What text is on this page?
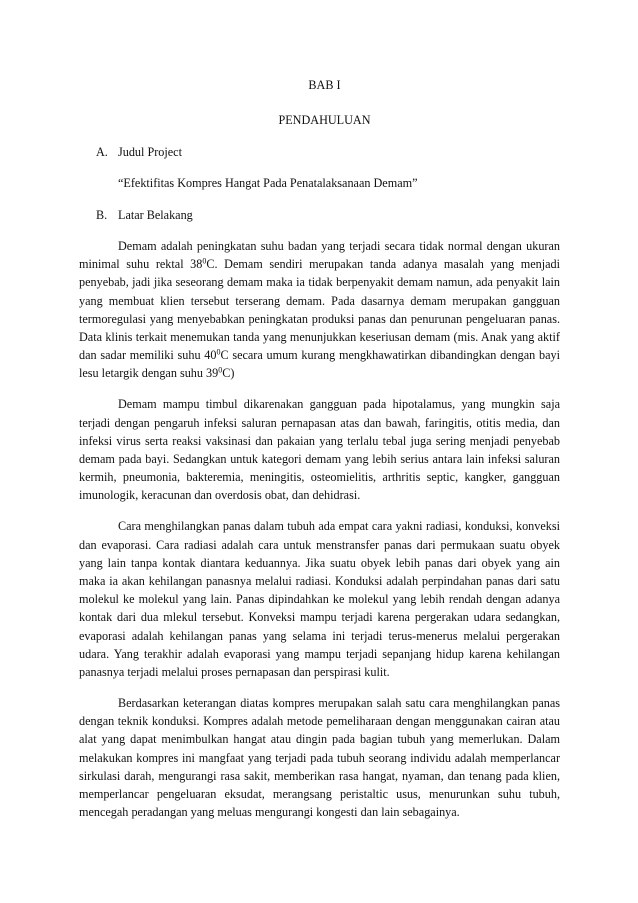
BAB I
PENDAHULUAN
A. Judul Project
“Efektifitas Kompres Hangat Pada Penatalaksanaan Demam”
B. Latar Belakang

Demam adalah peningkatan suhu badan yang terjadi secara tidak normal dengan ukuran minimal suhu rektal $38^0C$. Demam sendiri merupakan tanda adanya masalah yang menjadi penyebab, jadi jika seseorang demam maka ia tidak berpenyakit demam namun, ada penyakit lain yang membuat klien tersebut terserang demam. Pada dasarnya demam merupakan gangguan termoregulasi yang menyebabkan peningkatan produksi panas dan penurunan pengeluaran panas. Data klinis terkait menemukan tanda yang menunjukkan keseriusan demam (mis. Anak yang aktif dan sadar memiliki suhu $40^0C$ secara umum kurang mengkhawatirkan dibandingkan dengan bayi lesu letargik dengan suhu $39^0C$)

Demam mampu timbul dikarenakan gangguan pada hipotalamus, yang mungkin saja terjadi dengan pengaruh infeksi saluran pernapasan atas dan bawah, faringitis, otitis media, dan infeksi virus serta reaksi vaksinasi dan pakaian yang terlalu tebal juga sering menjadi penyebab demam pada bayi. Sedangkan untuk kategori demam yang lebih serius antara lain infeksi saluran kermih, pneumonia, bakteremia, meningitis, osteomielitis, arthritis septic, kangker, gangguan imunologik, keracunan dan overdosis obat, dan dehidrasi.

Cara menghilangkan panas dalam tubuh ada empat cara yakni radiasi, konduksi, konveksi dan evaporasi. Cara radiasi adalah cara untuk menstransfer panas dari permukaan suatu obyek yang lain tanpa kontak diantara keduannya. Jika suatu obyek lebih panas dari obyek yang ain maka ia akan kehilangan panasnya melalui radiasi. Konduksi adalah perpindahan panas dari satu molekul ke molekul yang lain. Panas dipindahkan ke molekul yang lebih rendah dengan adanya kontak dari dua mlekul tersebut. Konveksi mampu terjadi karena pergerakan udara sedangkan, evaporasi adalah kehilangan panas yang selama ini terjadi terus-menerus melalui pergerakan udara. Yang terakhir adalah evaporasi yang mampu terjadi sepanjang hidup karena kehilangan panasnya terjadi melalui proses pernapasan dan perspirasi kulit.

Berdasarkan keterangan diatas kompres merupakan salah satu cara menghilangkan panas dengan teknik konduksi. Kompres adalah metode pemeliharaan dengan menggunakan cairan atau alat yang dapat menimbulkan hangat atau dingin pada bagian tubuh yang memerlukan. Dalam melakukan kompres ini mangfaat yang terjadi pada tubuh seorang individu adalah memperlancar sirkulasi darah, mengurangi rasa sakit, memberikan rasa hangat, nyaman, dan tenang pada klien, memperlancar pengeluaran eksudat, merangsang peristaltic usus, menurunkan suhu tubuh, mencegah peradangan yang meluas mengurangi kongesti dan lain sebagainya.
